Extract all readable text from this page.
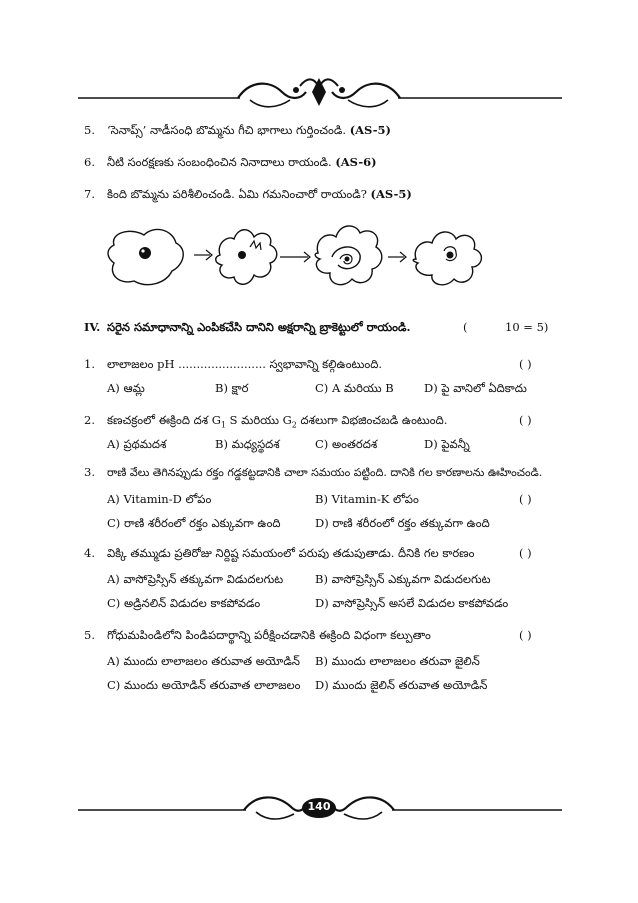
5. ‘సెనాప్స్’ నాడీసంధి బొమ్మను గీచి భాగాలు గుర్తించండి. (AS-5)
6. నీటి సంరక్షణకు సంబంధించిన నినాదాలు రాయండి. (AS-6)
7. కింది బొమ్మను పరిశీలించండి. ఏమి గమనించారో రాయండి? (AS-5)
IV. సరైన సమాధానాన్ని ఎంపికచేసి దానిని అక్షరాన్ని బ్రాకెట్టులో రాయండి.	(	10 = 5)
1. లాలాజలం pH ........................ స్వభావాన్ని కల్గిఉంటుంది.	( )
A) ఆమ్ల	B) క్షార	C) A మరియు B	D) పై వానిలో ఏదికాదు
2. కణచక్రంలో ఈక్రింది దశ $G_1$ S మరియు $G_2$ దశలుగా విభజించబడి ఉంటుంది.	( )
A) ప్రథమదశ	B) మధ్యస్థదశ	C) అంతరదశ	D) పైవన్నీ
3. రాణి వేలు తెగినప్పుడు రక్తం గడ్డకట్టడానికి చాలా సమయం పట్టింది. దానికి గల కారణాలను ఊహించండి.
A) Vitamin-D లోపం	B) Vitamin-K లోపం	( )
C) రాణి శరీరంలో రక్తం ఎక్కువగా ఉంది	D) రాణి శరీరంలో రక్తం తక్కువగా ఉంది
4. విక్కి తమ్ముడు ప్రతిరోజు నిర్దిష్ట సమయంలో పరుపు తడుపుతాడు. దీనికి గల కారణం	( )
A) వాసోప్రెస్సిన్ తక్కువగా విడుదలగుట	B) వాసోప్రెస్సిన్ ఎక్కువగా విడుదలగుట
C) అడ్రినలిన్ విడుదల కాకపోవడం	D) వాసోప్రెస్సిన్ అసలే విడుదల కాకపోవడం
5. గోధుమపిండిలోని పిండిపదార్థాన్ని పరీక్షించడానికి ఈక్రింది విధంగా కల్పుతాం	( )
A) ముందు లాలాజలం తరువాత అయోడిన్ B) ముందు లాలాజలం తరువా జైలిన్
C) ముందు అయోడిన్ తరువాత లాలాజలం D) ముందు జైలిన్ తరువాత అయోడిన్
140
